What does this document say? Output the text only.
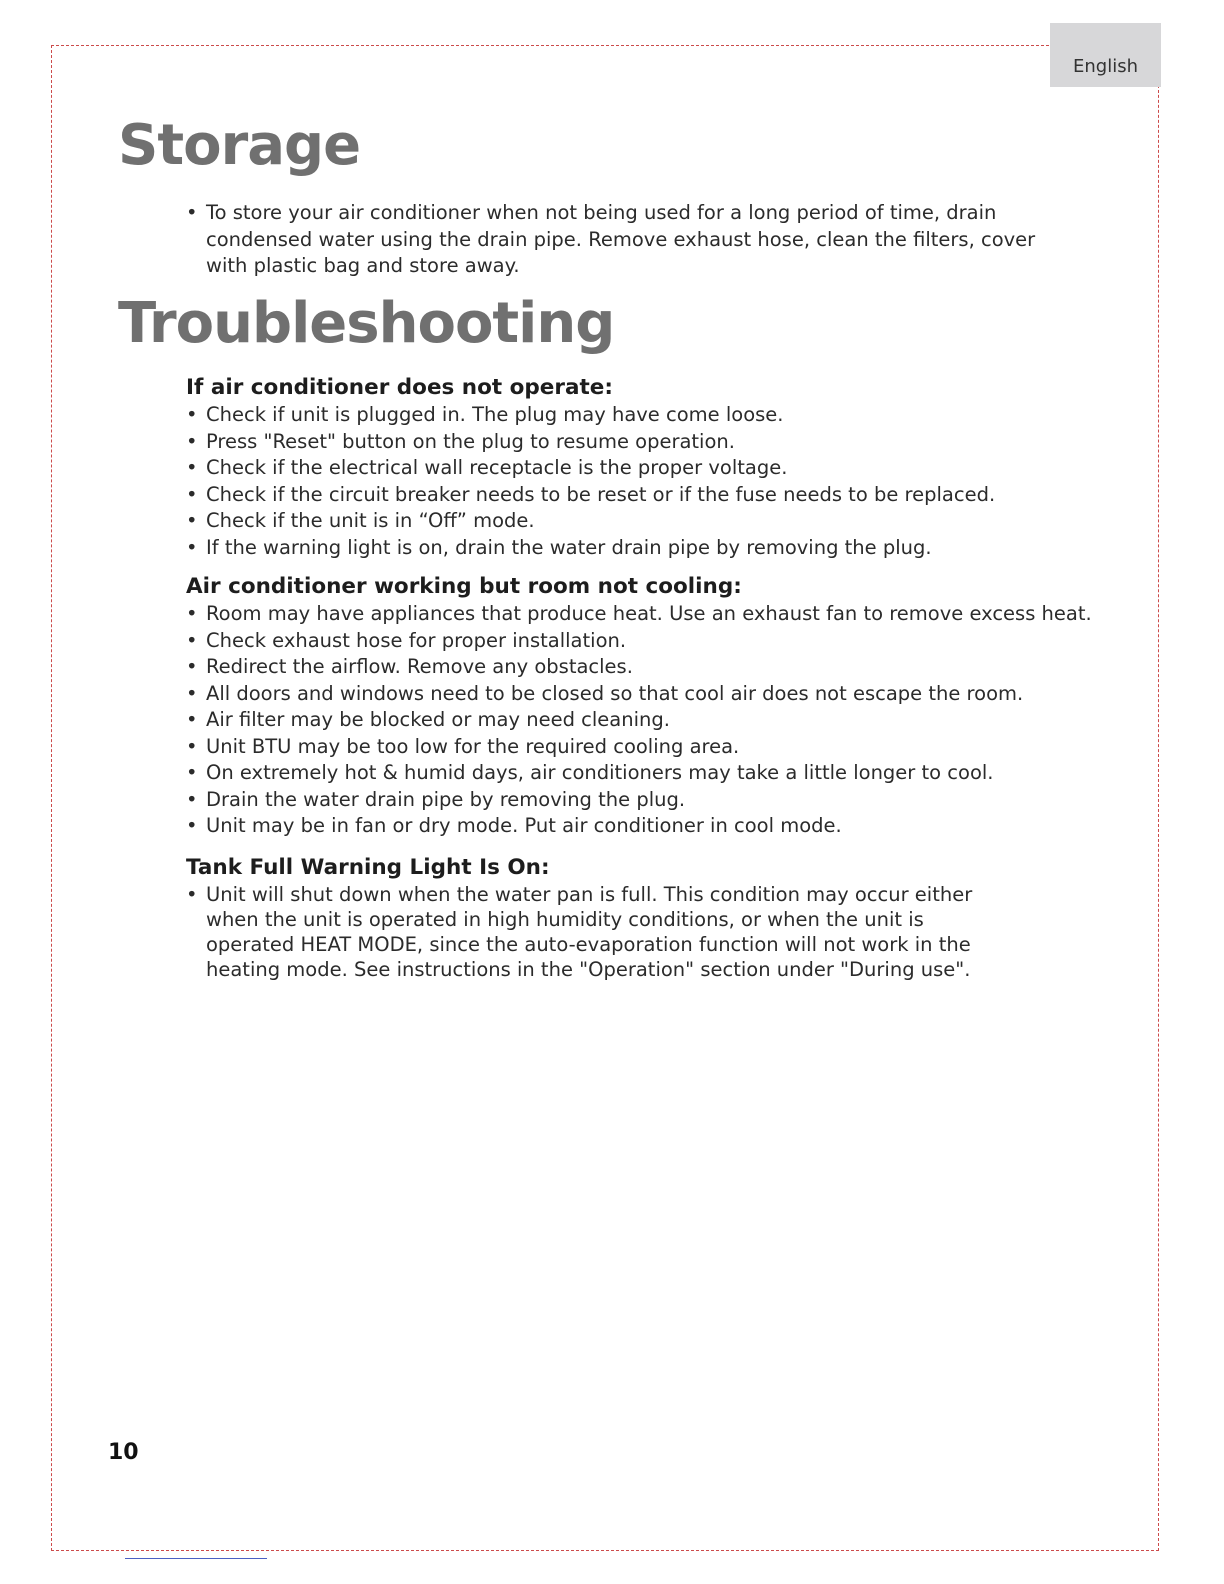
English
Storage
• To store your air conditioner when not being used for a long period of time, drain condensed water using the drain pipe. Remove exhaust hose, clean the filters, cover with plastic bag and store away.
Troubleshooting
If air conditioner does not operate:
• Check if unit is plugged in. The plug may have come loose.
• Press "Reset" button on the plug to resume operation.
• Check if the electrical wall receptacle is the proper voltage.
• Check if the circuit breaker needs to be reset or if the fuse needs to be replaced.
• Check if the unit is in “Off” mode.
• If the warning light is on, drain the water drain pipe by removing the plug.
Air conditioner working but room not cooling:
• Room may have appliances that produce heat. Use an exhaust fan to remove excess heat.
• Check exhaust hose for proper installation.
• Redirect the airflow. Remove any obstacles.
• All doors and windows need to be closed so that cool air does not escape the room.
• Air filter may be blocked or may need cleaning.
• Unit BTU may be too low for the required cooling area.
• On extremely hot & humid days, air conditioners may take a little longer to cool.
• Drain the water drain pipe by removing the plug.
• Unit may be in fan or dry mode. Put air conditioner in cool mode.
Tank Full Warning Light Is On:
• Unit will shut down when the water pan is full. This condition may occur either when the unit is operated in high humidity conditions, or when the unit is operated HEAT MODE, since the auto-evaporation function will not work in the heating mode. See instructions in the "Operation" section under "During use".
10
